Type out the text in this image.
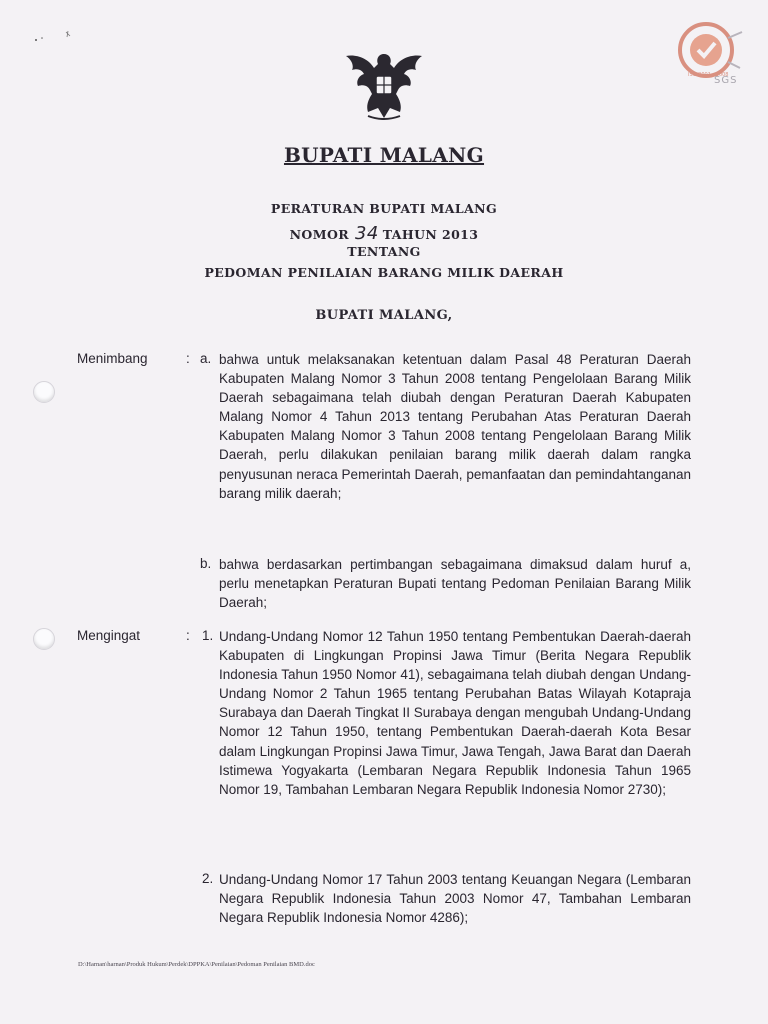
ISO 9001 : 2008
SGS
BUPATI MALANG
PERATURAN BUPATI MALANG
NOMOR 34 TAHUN 2013
TENTANG
PEDOMAN PENILAIAN BARANG MILIK DAERAH
BUPATI MALANG,
Menimbang	: a. bahwa untuk melaksanakan ketentuan dalam Pasal 48 Peraturan Daerah Kabupaten Malang Nomor 3 Tahun 2008 tentang Pengelolaan Barang Milik Daerah sebagaimana telah diubah dengan Peraturan Daerah Kabupaten Malang Nomor 4 Tahun 2013 tentang Perubahan Atas Peraturan Daerah Kabupaten Malang Nomor 3 Tahun 2008 tentang Pengelolaan Barang Milik Daerah, perlu dilakukan penilaian barang milik daerah dalam rangka penyusunan neraca Pemerintah Daerah, pemanfaatan dan pemindahtanganan barang milik daerah;

b. bahwa berdasarkan pertimbangan sebagaimana dimaksud dalam huruf a, perlu menetapkan Peraturan Bupati tentang Pedoman Penilaian Barang Milik Daerah;

Mengingat	: 1. Undang-Undang Nomor 12 Tahun 1950 tentang Pembentukan Daerah-daerah Kabupaten di Lingkungan Propinsi Jawa Timur (Berita Negara Republik Indonesia Tahun 1950 Nomor 41), sebagaimana telah diubah dengan Undang-Undang Nomor 2 Tahun 1965 tentang Perubahan Batas Wilayah Kotapraja Surabaya dan Daerah Tingkat II Surabaya dengan mengubah Undang-Undang Nomor 12 Tahun 1950, tentang Pembentukan Daerah-daerah Kota Besar dalam Lingkungan Propinsi Jawa Timur, Jawa Tengah, Jawa Barat dan Daerah Istimewa Yogyakarta (Lembaran Negara Republik Indonesia Tahun 1965 Nomor 19, Tambahan Lembaran Negara Republik Indonesia Nomor 2730);

2. Undang-Undang Nomor 17 Tahun 2003 tentang Keuangan Negara (Lembaran Negara Republik Indonesia Tahun 2003 Nomor 47, Tambahan Lembaran Negara Republik Indonesia Nomor 4286);

D:\Harnan\harnan\Produk Hukum\Perdek\DPPKA\Penilaian\Pedoman Penilaian BMD.doc
